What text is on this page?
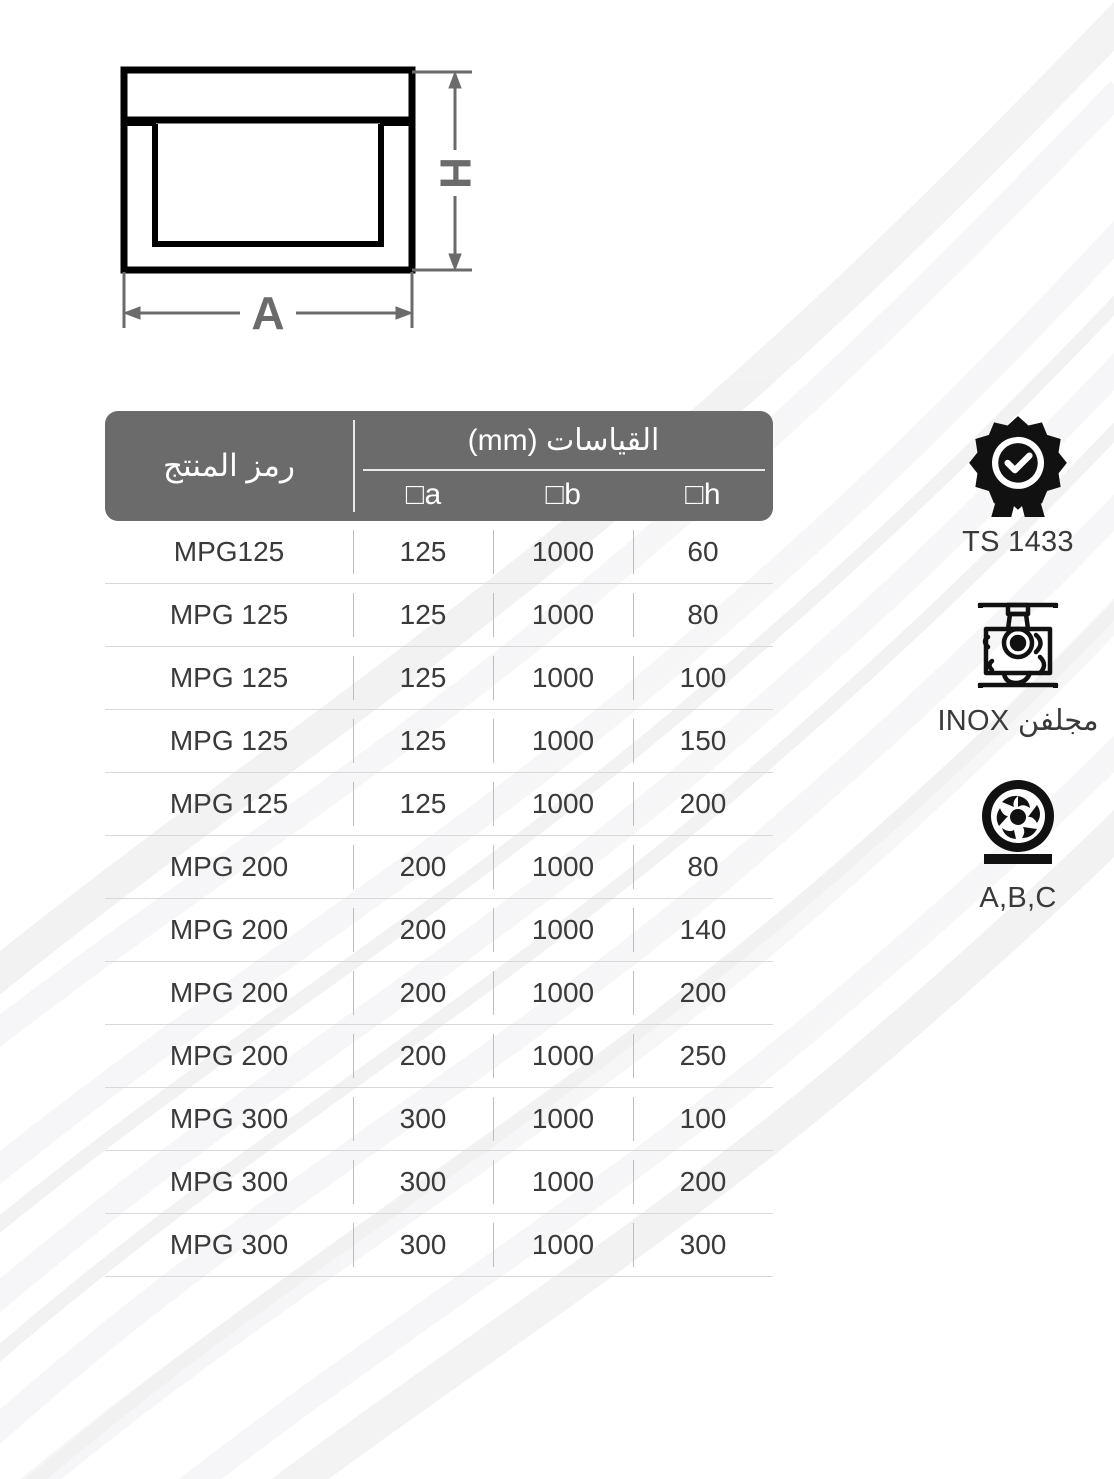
H
A
رمز المنتج
القياسات (mm)
□a	□b	□h
MPG125	125	1000	60
MPG 125	125	1000	80
MPG 125	125	1000	100
MPG 125	125	1000	150
MPG 125	125	1000	200
MPG 200	200	1000	80
MPG 200	200	1000	140
MPG 200	200	1000	200
MPG 200	200	1000	250
MPG 300	300	1000	100
MPG 300	300	1000	200
MPG 300	300	1000	300
TS 1433
INOX مجلفن
A,B,C
